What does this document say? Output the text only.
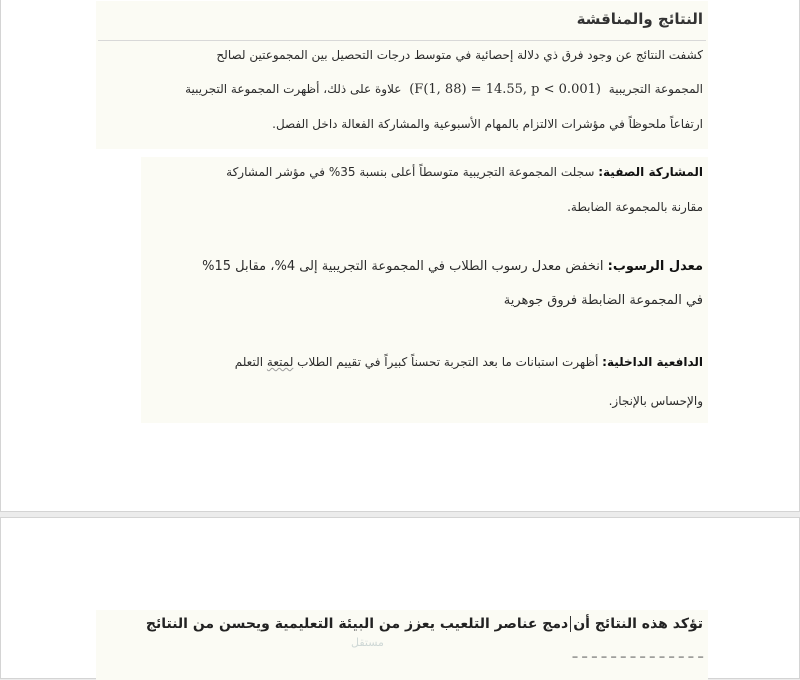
النتائج والمناقشة
كشفت النتائج عن وجود فرق ذي دلالة إحصائية في متوسط درجات التحصيل بين المجموعتين لصالح
علاوة على ذلك، أظهرت المجموعة التجريبية (F(1, 88) = 14.55, p < 0.001) المجموعة التجريبية
ارتفاعاً ملحوظاً في مؤشرات الالتزام بالمهام الأسبوعية والمشاركة الفعالة داخل الفصل.
المشاركة الصفية: سجلت المجموعة التجريبية متوسطاً أعلى بنسبة 35% في مؤشر المشاركة
مقارنة بالمجموعة الضابطة.
معدل الرسوب: انخفض معدل رسوب الطلاب في المجموعة التجريبية إلى 4%، مقابل 15%
في المجموعة الضابطة فروق جوهرية
الدافعية الداخلية: أظهرت استبانات ما بعد التجربة تحسناً كبيراً في تقييم الطلاب لمتعة التعلم
والإحساس بالإنجاز.
تؤكد هذه النتائج أندمج عناصر التلعيب يعزز من البيئة التعليمية ويحسن من النتائج
مستقل
ـ ـ ـ ـ ـ ـ ـ ـ ـ ـ ـ ـ ـ ـ
